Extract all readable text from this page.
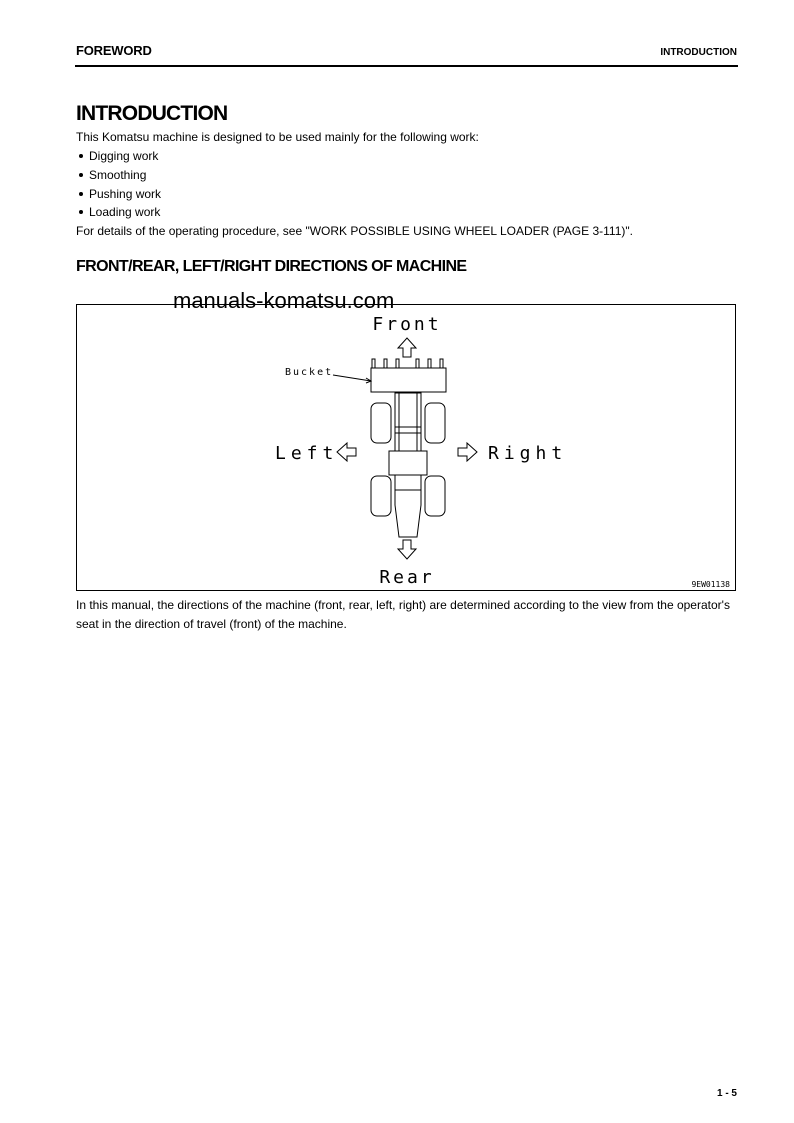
FOREWORD	INTRODUCTION
INTRODUCTION
This Komatsu machine is designed to be used mainly for the following work:
Digging work
Smoothing
Pushing work
Loading work
For details of the operating procedure, see "WORK POSSIBLE USING WHEEL LOADER (PAGE 3-111)".
FRONT/REAR, LEFT/RIGHT DIRECTIONS OF MACHINE
Front
Rear
Left	Right
Bucket
9EW01138
manuals-komatsu.com
In this manual, the directions of the machine (front, rear, left, right) are determined according to the view from the operator's seat in the direction of travel (front) of the machine.
1 - 5
